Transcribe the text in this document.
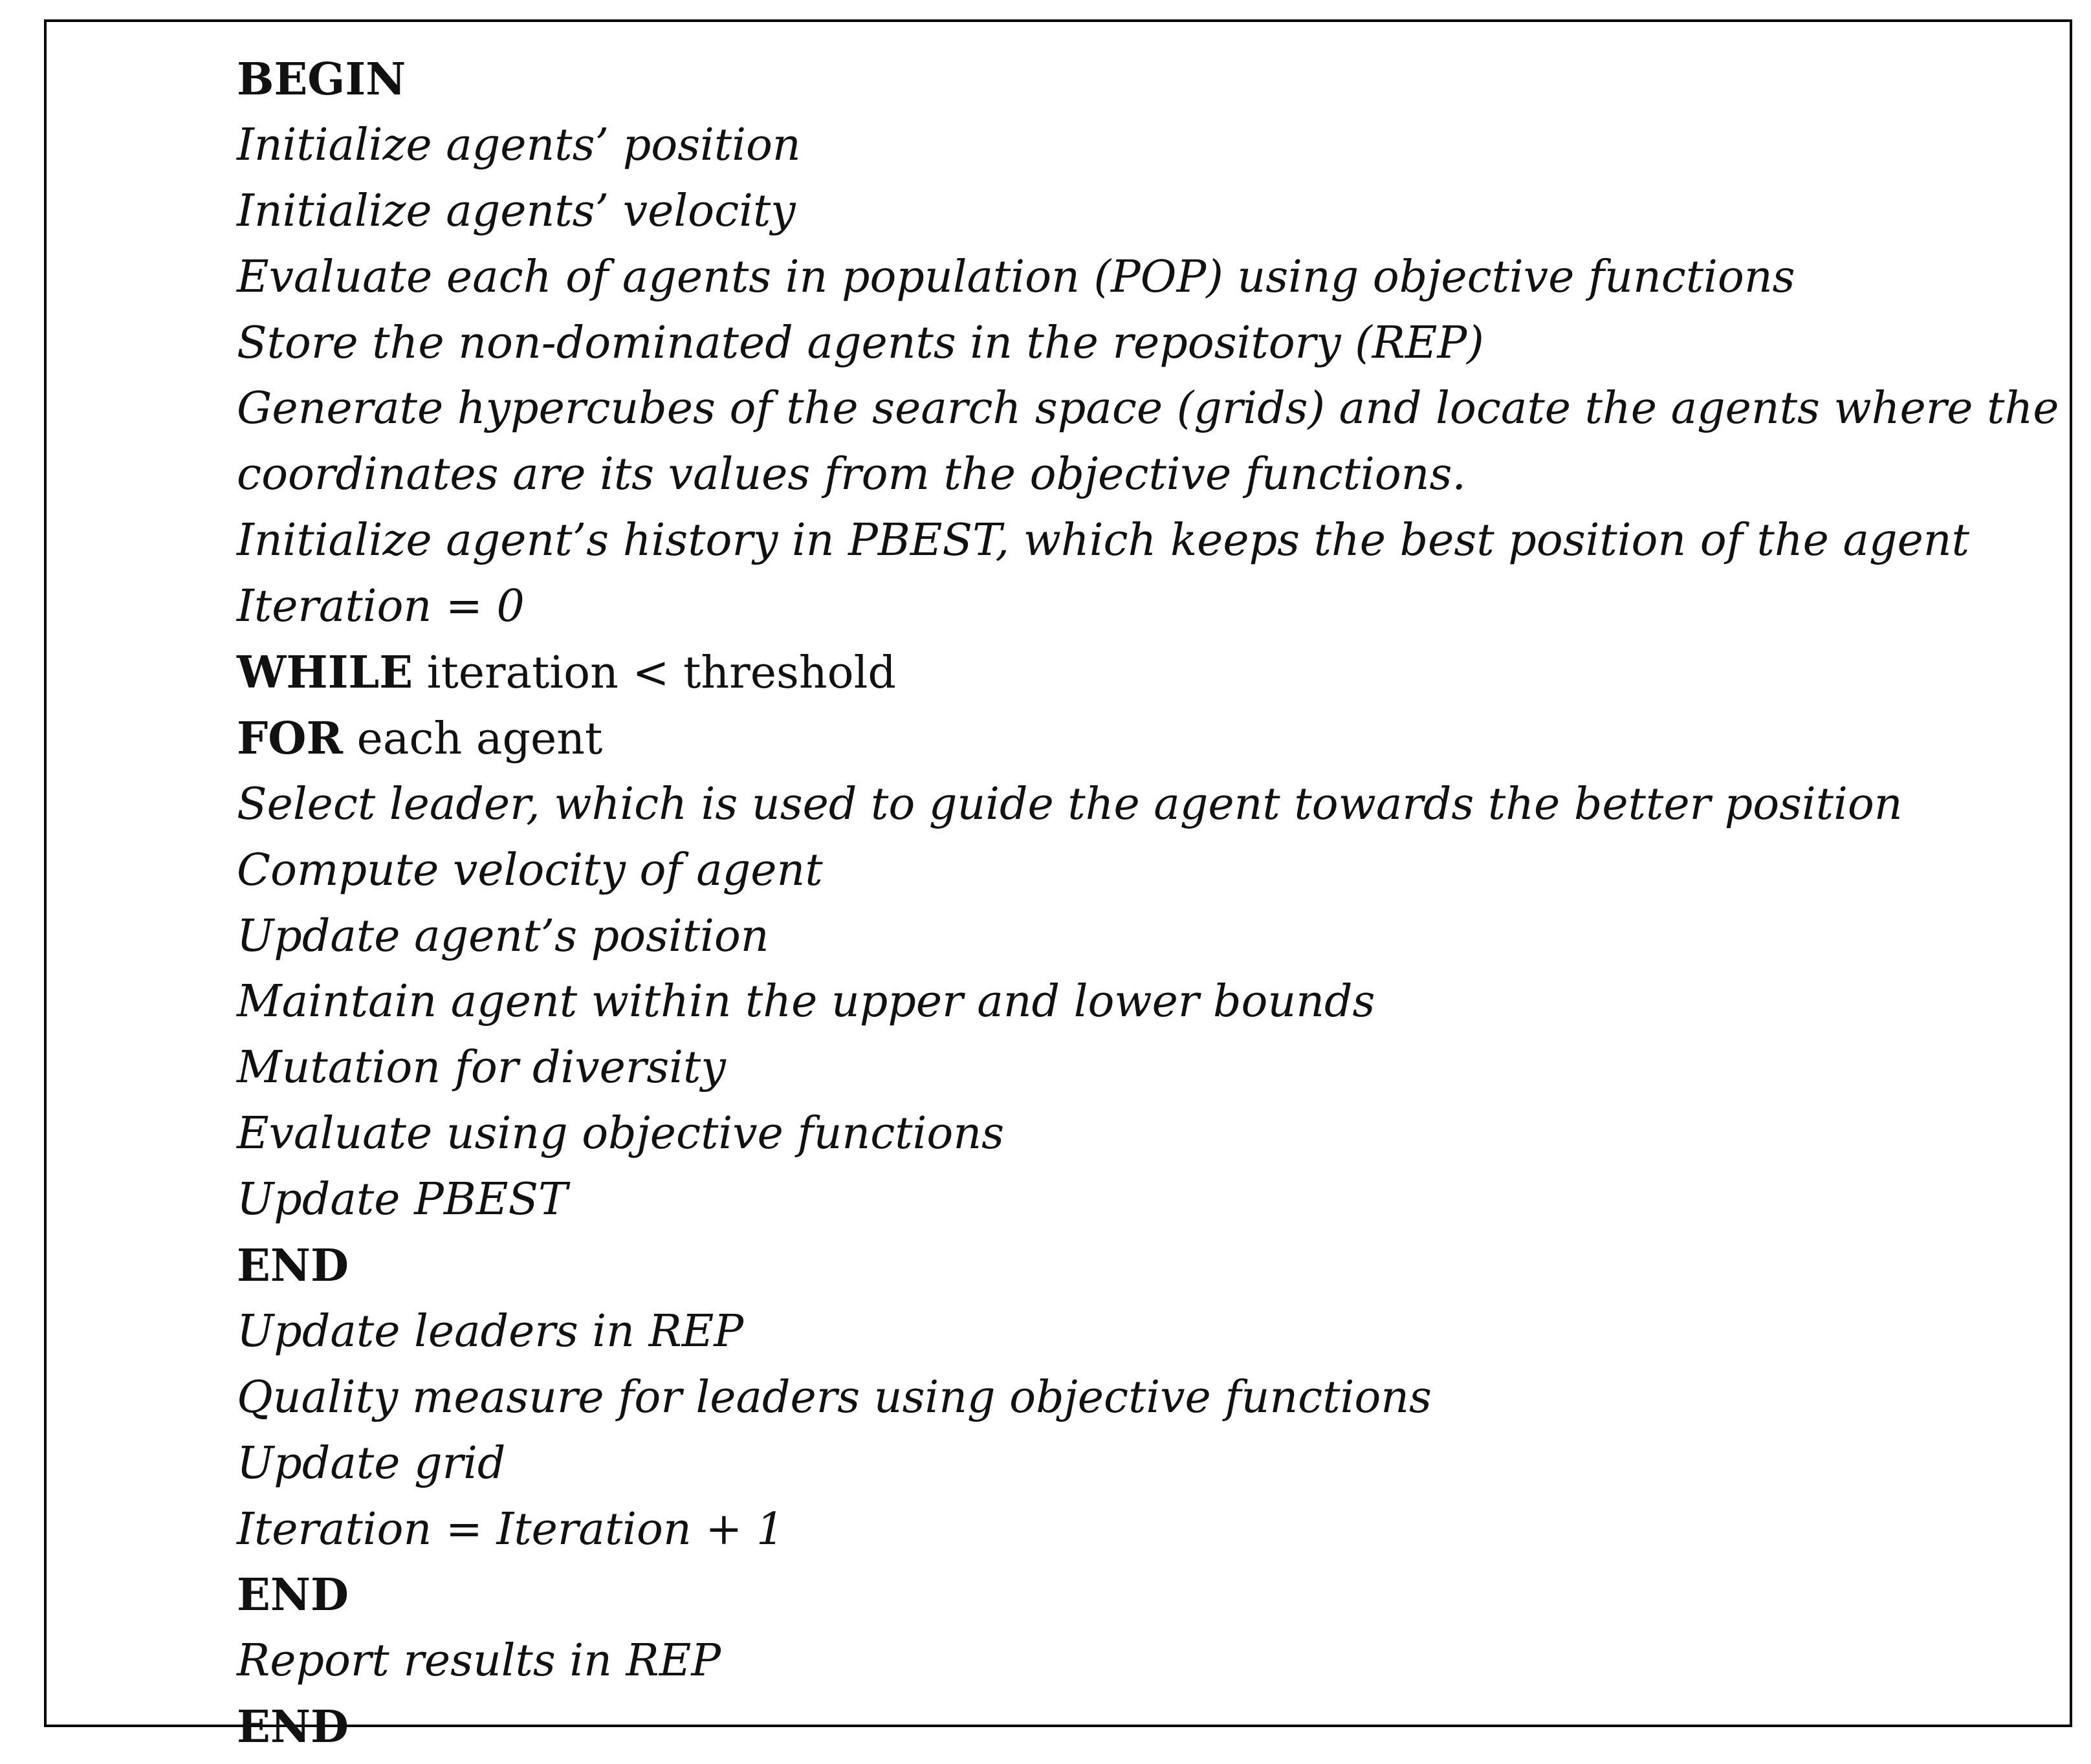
BEGIN
Initialize agents’ position
Initialize agents’ velocity
Evaluate each of agents in population (POP) using objective functions
Store the non-dominated agents in the repository (REP)
Generate hypercubes of the search space (grids) and locate the agents where the
coordinates are its values from the objective functions.
Initialize agent’s history in PBEST, which keeps the best position of the agent
Iteration = 0
WHILE iteration < threshold
FOR each agent
Select leader, which is used to guide the agent towards the better position
Compute velocity of agent
Update agent’s position
Maintain agent within the upper and lower bounds
Mutation for diversity
Evaluate using objective functions
Update PBEST
END
Update leaders in REP
Quality measure for leaders using objective functions
Update grid
Iteration = Iteration + 1
END
Report results in REP
END
